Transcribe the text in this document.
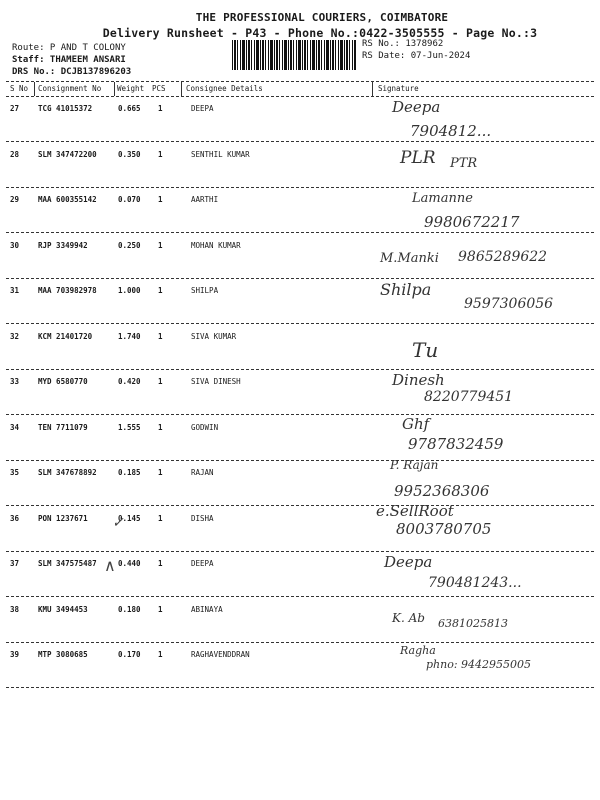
THE PROFESSIONAL COURIERS, COIMBATORE
Delivery Runsheet - P43 - Phone No.:0422-3505555 - Page No.:3
Route: P AND T COLONY
Staff: THAMEEM ANSARI
DRS No.: DCJB137896203
RS No.: 1378962
RS Date: 07-Jun-2024
S No Consignment No Weight PCS	Consignee Details	Signature
27	TCG 41015372	0.665 1	DEEPA	Deepa
7904812...
28	SLM 347472200	0.350 1	SENTHIL KUMAR	PLR PTR
29	MAA 600355142	0.070 1	AARTHI	Lamanne
9980672217
30	RJP 3349942	0.250 1	MOHAN KUMAR
M.Manki 9865289622
31	MAA 703982978	1.000 1	SHILPA	Shilpa
9597306056
32	KCM 21401720	1.740 1	SIVA KUMAR
Tu
33	MYD 6580770	0.420 1	SIVA DINESH	Dinesh
8220779451
34	TEN 7711079	1.555 1	GODWIN	Ghf
9787832459
35	SLM 347678892	0.185 1	RAJAN
P. Rajan
9952368306
36	PON 1237671	0.145 1	DISHA	e.SellRoot
8003780705
37	SLM 347575487	0.440 1	DEEPA	Deepa
790481243...
38	KMU 3494453	0.180 1	ABINAYA
K. Ab 6381025813
39	MTP 3080685	0.170 1	RAGHAVENDDRAN	Ragha
phno: 9442955005
✓
∧
